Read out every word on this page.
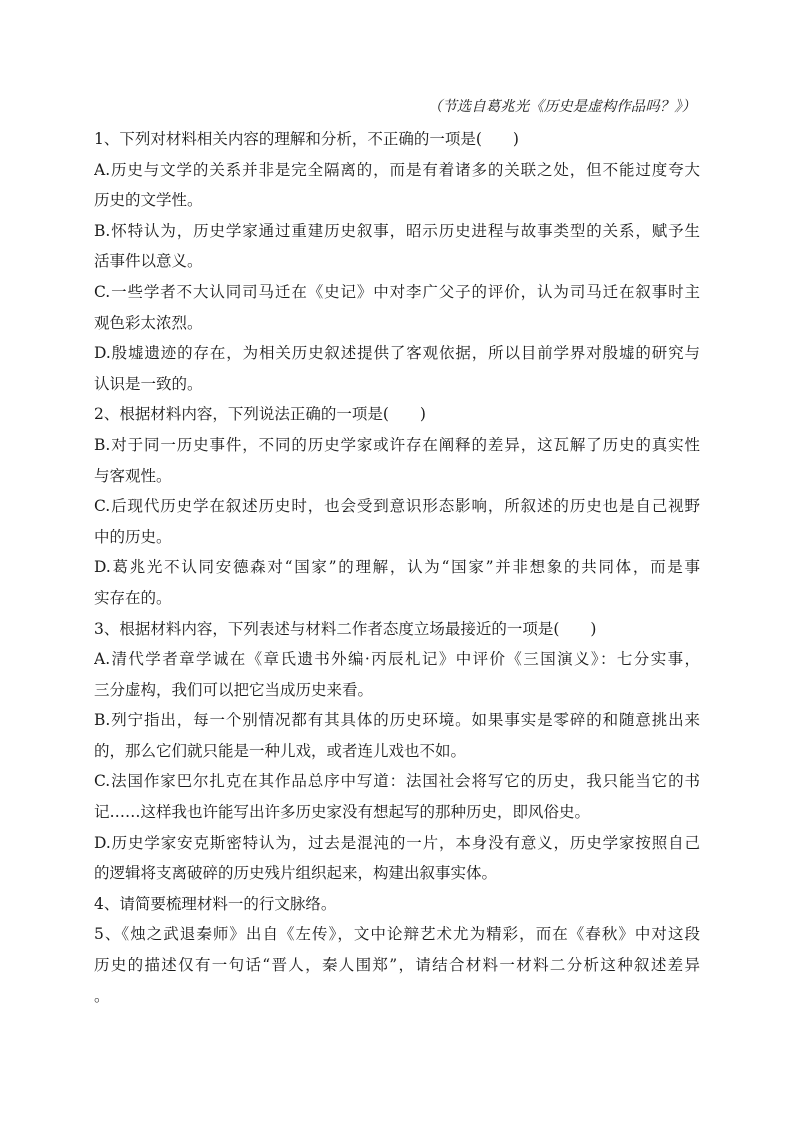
（节选自葛兆光《历史是虚构作品吗？》）
1、下列对材料相关内容的理解和分析，不正确的一项是(　　)
A.历史与文学的关系并非是完全隔离的，而是有着诸多的关联之处，但不能过度夸大
历史的文学性。
B.怀特认为，历史学家通过重建历史叙事，昭示历史进程与故事类型的关系，赋予生
活事件以意义。
C.一些学者不大认同司马迁在《史记》中对李广父子的评价，认为司马迁在叙事时主
观色彩太浓烈。
D.殷墟遗迹的存在，为相关历史叙述提供了客观依据，所以目前学界对殷墟的研究与
认识是一致的。
2、根据材料内容，下列说法正确的一项是(　　)
B.对于同一历史事件，不同的历史学家或许存在阐释的差异，这瓦解了历史的真实性
与客观性。
C.后现代历史学在叙述历史时，也会受到意识形态影响，所叙述的历史也是自己视野
中的历史。
D.葛兆光不认同安德森对“国家”的理解，认为“国家”并非想象的共同体，而是事
实存在的。
3、根据材料内容，下列表述与材料二作者态度立场最接近的一项是(　　)
A.清代学者章学诚在《章氏遗书外编·丙辰札记》中评价《三国演义》：七分实事，
三分虚构，我们可以把它当成历史来看。
B.列宁指出，每一个别情况都有其具体的历史环境。如果事实是零碎的和随意挑出来
的，那么它们就只能是一种儿戏，或者连儿戏也不如。
C.法国作家巴尔扎克在其作品总序中写道：法国社会将写它的历史，我只能当它的书
记……这样我也许能写出许多历史家没有想起写的那种历史，即风俗史。
D.历史学家安克斯密特认为，过去是混沌的一片，本身没有意义，历史学家按照自己
的逻辑将支离破碎的历史残片组织起来，构建出叙事实体。
4、请简要梳理材料一的行文脉络。
5、《烛之武退秦师》出自《左传》，文中论辩艺术尤为精彩，而在《春秋》中对这段
历史的描述仅有一句话“晋人，秦人围郑”，请结合材料一材料二分析这种叙述差异
。
